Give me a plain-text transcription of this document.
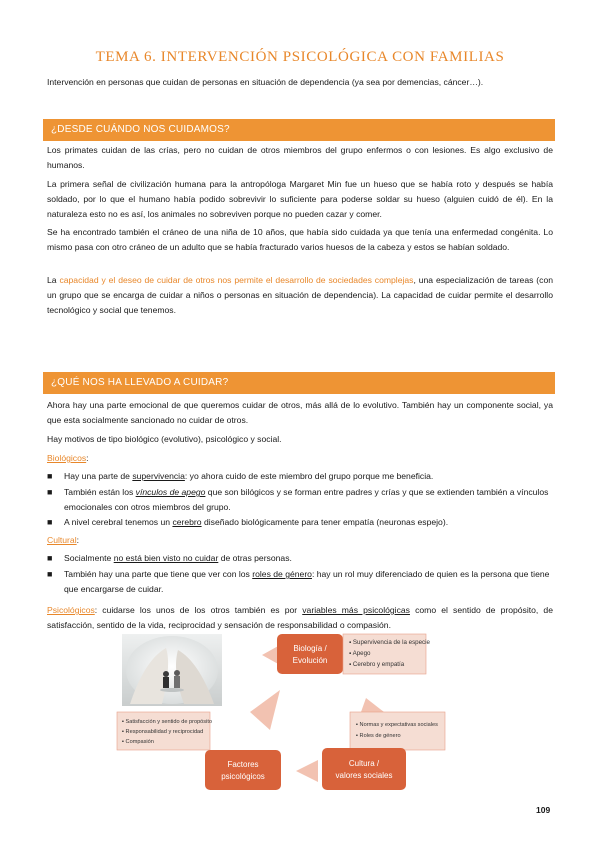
TEMA 6. INTERVENCIÓN PSICOLÓGICA CON FAMILIAS
Intervención en personas que cuidan de personas en situación de dependencia (ya sea por demencias, cáncer…).
¿DESDE CUÁNDO NOS CUIDAMOS?
Los primates cuidan de las crías, pero no cuidan de otros miembros del grupo enfermos o con lesiones. Es algo exclusivo de humanos.
La primera señal de civilización humana para la antropóloga Margaret Min fue un hueso que se había roto y después se había soldado, por lo que el humano había podido sobrevivir lo suficiente para poderse soldar su hueso (alguien cuidó de él). En la naturaleza esto no es así, los animales no sobreviven porque no pueden cazar y comer.
Se ha encontrado también el cráneo de una niña de 10 años, que había sido cuidada ya que tenía una enfermedad congénita. Lo mismo pasa con otro cráneo de un adulto que se había fracturado varios huesos de la cabeza y estos se habían soldado.
La capacidad y el deseo de cuidar de otros nos permite el desarrollo de sociedades complejas, una especialización de tareas (con un grupo que se encarga de cuidar a niños o personas en situación de dependencia). La capacidad de cuidar permite el desarrollo tecnológico y social que tenemos.
¿QUÉ NOS HA LLEVADO A CUIDAR?
Ahora hay una parte emocional de que queremos cuidar de otros, más allá de lo evolutivo. También hay un componente social, ya que esta socialmente sancionado no cuidar de otros.
Hay motivos de tipo biológico (evolutivo), psicológico y social.
Biológicos:
■ Hay una parte de supervivencia: yo ahora cuido de este miembro del grupo porque me beneficia.
■ También están los vínculos de apego que son bilógicos y se forman entre padres y crías y que se extienden también a vínculos emocionales con otros miembros del grupo.
■ A nivel cerebral tenemos un cerebro diseñado biológicamente para tener empatía (neuronas espejo).
Cultural:
■ Socialmente no está bien visto no cuidar de otras personas.
■ También hay una parte que tiene que ver con los roles de género: hay un rol muy diferenciado de quien es la persona que tiene que encargarse de cuidar.
Psicológicos: cuidarse los unos de los otros también es por variables más psicológicas como el sentido de propósito, de satisfacción, sentido de la vida, reciprocidad y sensación de responsabilidad o compasión.
Biología /
Evolución
▪ Supervivencia de la especie
▪ Apego
▪ Cerebro y empatía
▪ Satisfacción y sentido de propósito
▪ Responsabilidad y reciprocidad
▪ Compasión
Factores
psicológicos
▪ Normas y expectativas sociales
▪ Roles de género
Cultura /
valores sociales
109
